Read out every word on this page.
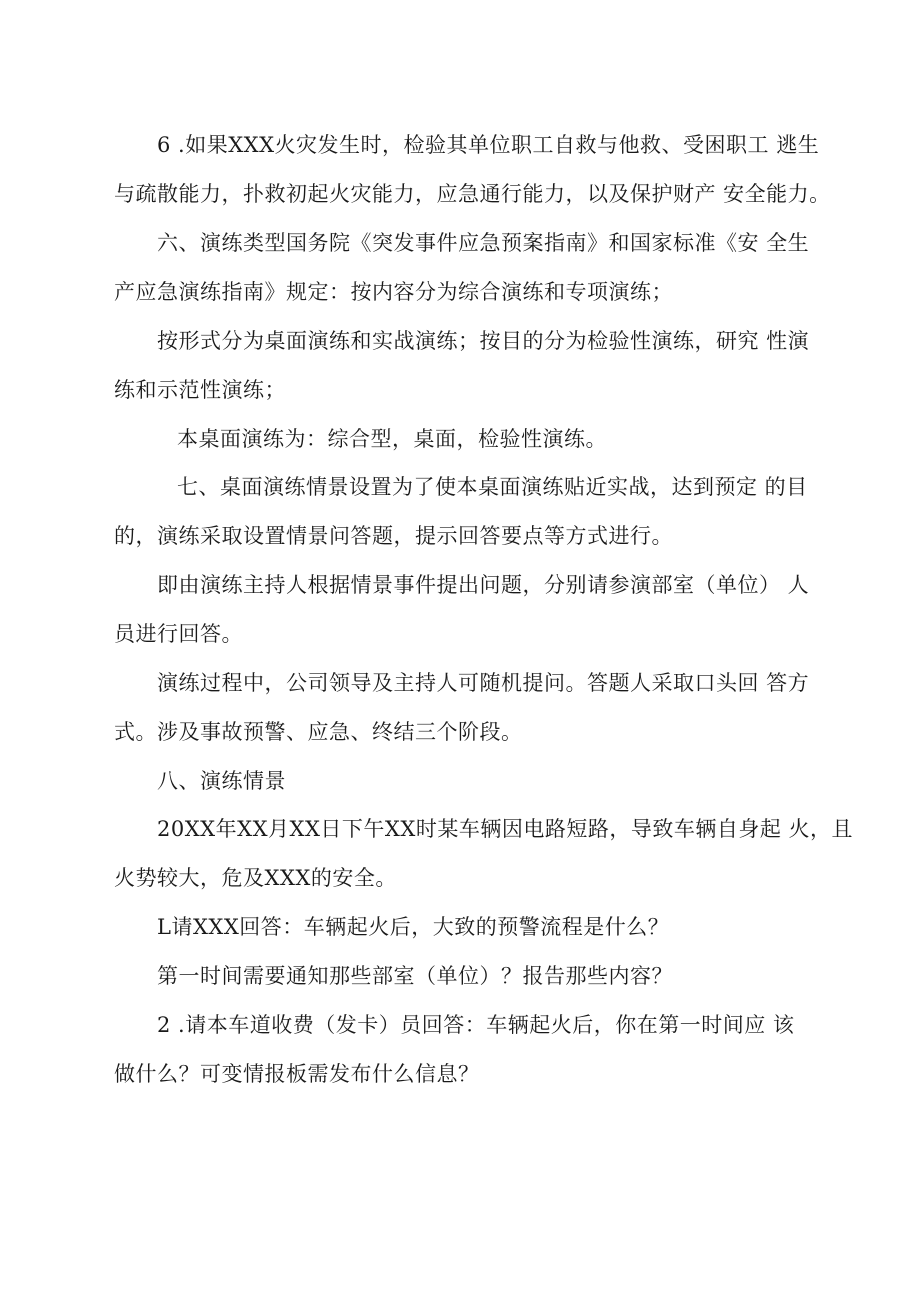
6 .如果XXX火灾发生时，检验其单位职工自救与他救、受困职工 逃生
与疏散能力，扑救初起火灾能力，应急通行能力，以及保护财产 安全能力。
六、演练类型国务院《突发事件应急预案指南》和国家标准《安 全生
产应急演练指南》规定：按内容分为综合演练和专项演练；
按形式分为桌面演练和实战演练；按目的分为检验性演练，研究 性演
练和示范性演练；
本桌面演练为：综合型，桌面，检验性演练。
七、桌面演练情景设置为了使本桌面演练贴近实战，达到预定 的目
的，演练采取设置情景问答题，提示回答要点等方式进行。
即由演练主持人根据情景事件提出问题，分别请参演部室（单位） 人
员进行回答。
演练过程中，公司领导及主持人可随机提问。答题人采取口头回 答方
式。涉及事故预警、应急、终结三个阶段。
八、演练情景
20XX年XX月XX日下午XX时某车辆因电路短路，导致车辆自身起 火，且
火势较大，危及XXX的安全。
L请XXX回答：车辆起火后，大致的预警流程是什么？
第一时间需要通知那些部室（单位）？报告那些内容？
2 .请本车道收费（发卡）员回答：车辆起火后，你在第一时间应 该
做什么？可变情报板需发布什么信息？
